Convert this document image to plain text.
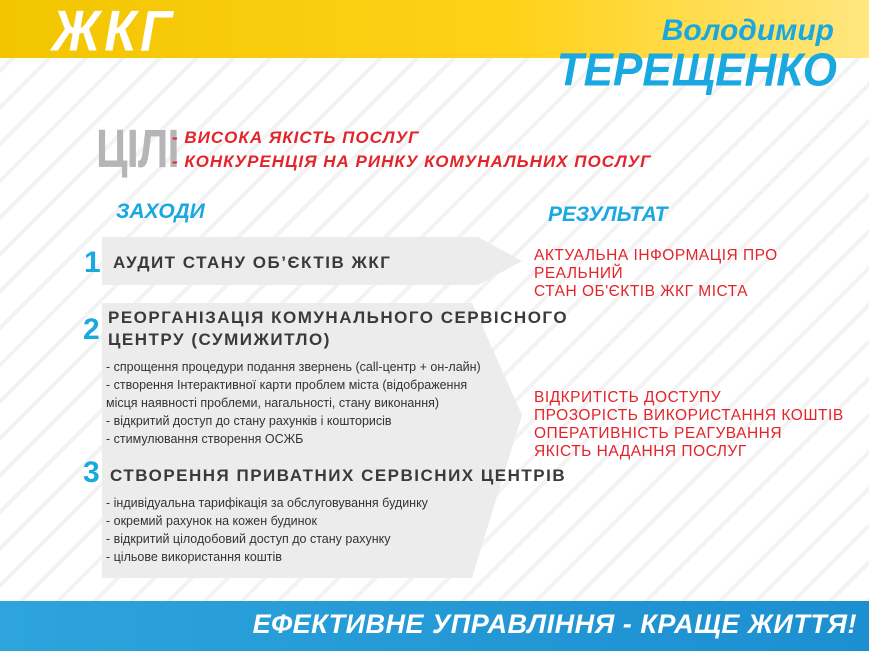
ЖКГ	Володимир
ТЕРЕЩЕНКО
ЦІЛІ
- ВИСОКА ЯКІСТЬ ПОСЛУГ
- КОНКУРЕНЦІЯ НА РИНКУ КОМУНАЛЬНИХ ПОСЛУГ
ЗАХОДИ	РЕЗУЛЬТАТ
1 АУДИТ СТАНУ ОБ’ЄКТІВ ЖКГ
2 РЕОРГАНІЗАЦІЯ КОМУНАЛЬНОГО СЕРВІСНОГО
ЦЕНТРУ (СУМИЖИТЛО)
- спрощення процедури подання звернень (call-центр + он-лайн)
- створення Інтерактивної карти проблем міста (відображення
місця наявності проблеми, нагальності, стану виконання)
- відкритий доступ до стану рахунків і кошторисів
- стимулювання створення ОСЖБ
3 СТВОРЕННЯ ПРИВАТНИХ СЕРВІСНИХ ЦЕНТРІВ
- індивідуальна тарифікація за обслуговування будинку
- окремий рахунок на кожен будинок
- відкритий цілодобовий доступ до стану рахунку
- цільове використання коштів
АКТУАЛЬНА ІНФОРМАЦІЯ ПРО РЕАЛЬНИЙ
СТАН ОБ'ЄКТІВ ЖКГ МІСТА
ВІДКРИТІСТЬ ДОСТУПУ
ПРОЗОРІСТЬ ВИКОРИСТАННЯ КОШТІВ
ОПЕРАТИВНІСТЬ РЕАГУВАННЯ
ЯКІСТЬ НАДАННЯ ПОСЛУГ
ЕФЕКТИВНЕ УПРАВЛІННЯ - КРАЩЕ ЖИТТЯ!
